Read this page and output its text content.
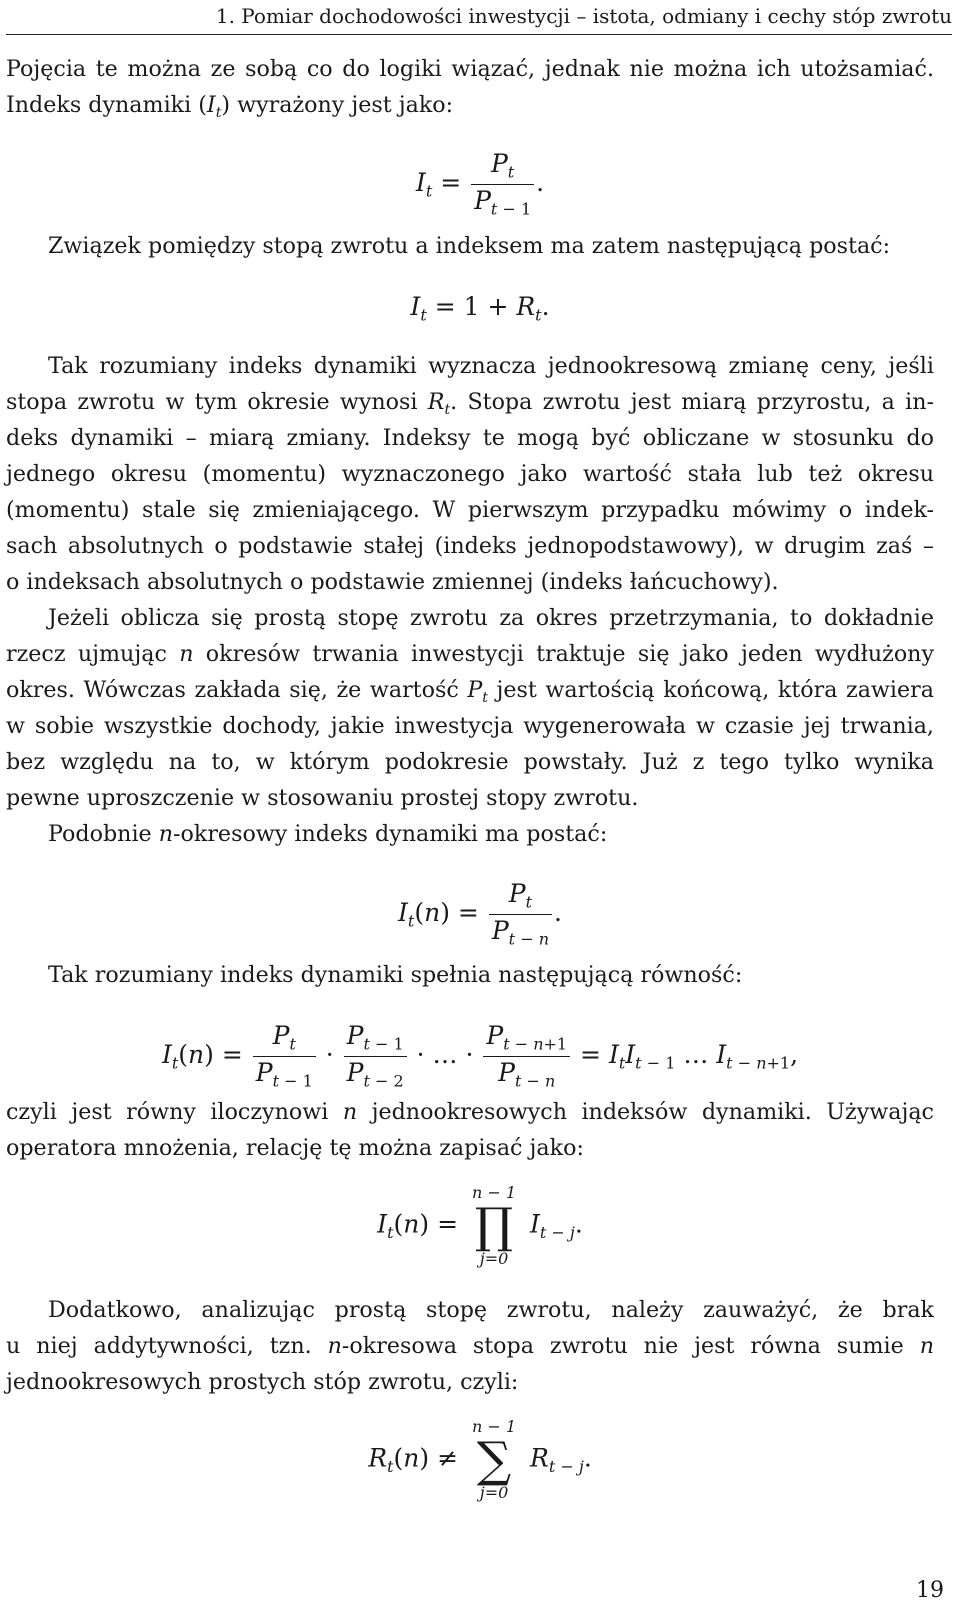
1. Pomiar dochodowości inwestycji – istota, odmiany i cechy stóp zwrotu
Pojęcia te można ze sobą co do logiki wiązać, jednak nie można ich utożsamiać.
Indeks dynamiki $(I_t)$ wyrażony jest jako:
$I_t = \frac{P_t}{P_{t - 1}}$ .
Związek pomiędzy stopą zwrotu a indeksem ma zatem następującą postać:
$I_t = 1 + R_t$.
Tak rozumiany indeks dynamiki wyznacza jednookresową zmianę ceny, jeśli
stopa zwrotu w tym okresie wynosi $R_t$. Stopa zwrotu jest miarą przyrostu, a in-
deks dynamiki – miarą zmiany. Indeksy te mogą być obliczane w stosunku do
jednego okresu (momentu) wyznaczonego jako wartość stała lub też okresu
(momentu) stale się zmieniającego. W pierwszym przypadku mówimy o indek-
sach absolutnych o podstawie stałej (indeks jednopodstawowy), w drugim zaś –
o indeksach absolutnych o podstawie zmiennej (indeks łańcuchowy).
Jeżeli oblicza się prostą stopę zwrotu za okres przetrzymania, to dokładnie
rzecz ujmując n okresów trwania inwestycji traktuje się jako jeden wydłużony
okres. Wówczas zakłada się, że wartość $P_t$ jest wartością końcową, która zawiera
w sobie wszystkie dochody, jakie inwestycja wygenerowała w czasie jej trwania,
bez względu na to, w którym podokresie powstały. Już z tego tylko wynika
pewne uproszczenie w stosowaniu prostej stopy zwrotu.
Podobnie n-okresowy indeks dynamiki ma postać:
$I_t(n) = \frac{P_t}{P_{t - n}}$ .
Tak rozumiany indeks dynamiki spełnia następującą równość:
$I_t(n) = \frac{P_t}{P_{t - 1}} \cdot \frac{P_{t - 1}}{P_{t - 2}}$ · … · $\frac{P_{t - n+1}}{P_{t - n}} = I_tI_{t - 1}$ … $I_{t - n+1}$,
czyli jest równy iloczynowi n jednookresowych indeksów dynamiki. Używając
operatora mnożenia, relację tę można zapisać jako:
$I_t(n)$ =
n − 1
∏
j=0
$I_{t - j}$.
Dodatkowo, analizując prostą stopę zwrotu, należy zauważyć, że brak
u niej addytywności, tzn. n-okresowa stopa zwrotu nie jest równa sumie n
jednookresowych prostych stóp zwrotu, czyli:
$R_t(n)$ ≠
n − 1
∑
j=0
$R_{t - j}$.
19
